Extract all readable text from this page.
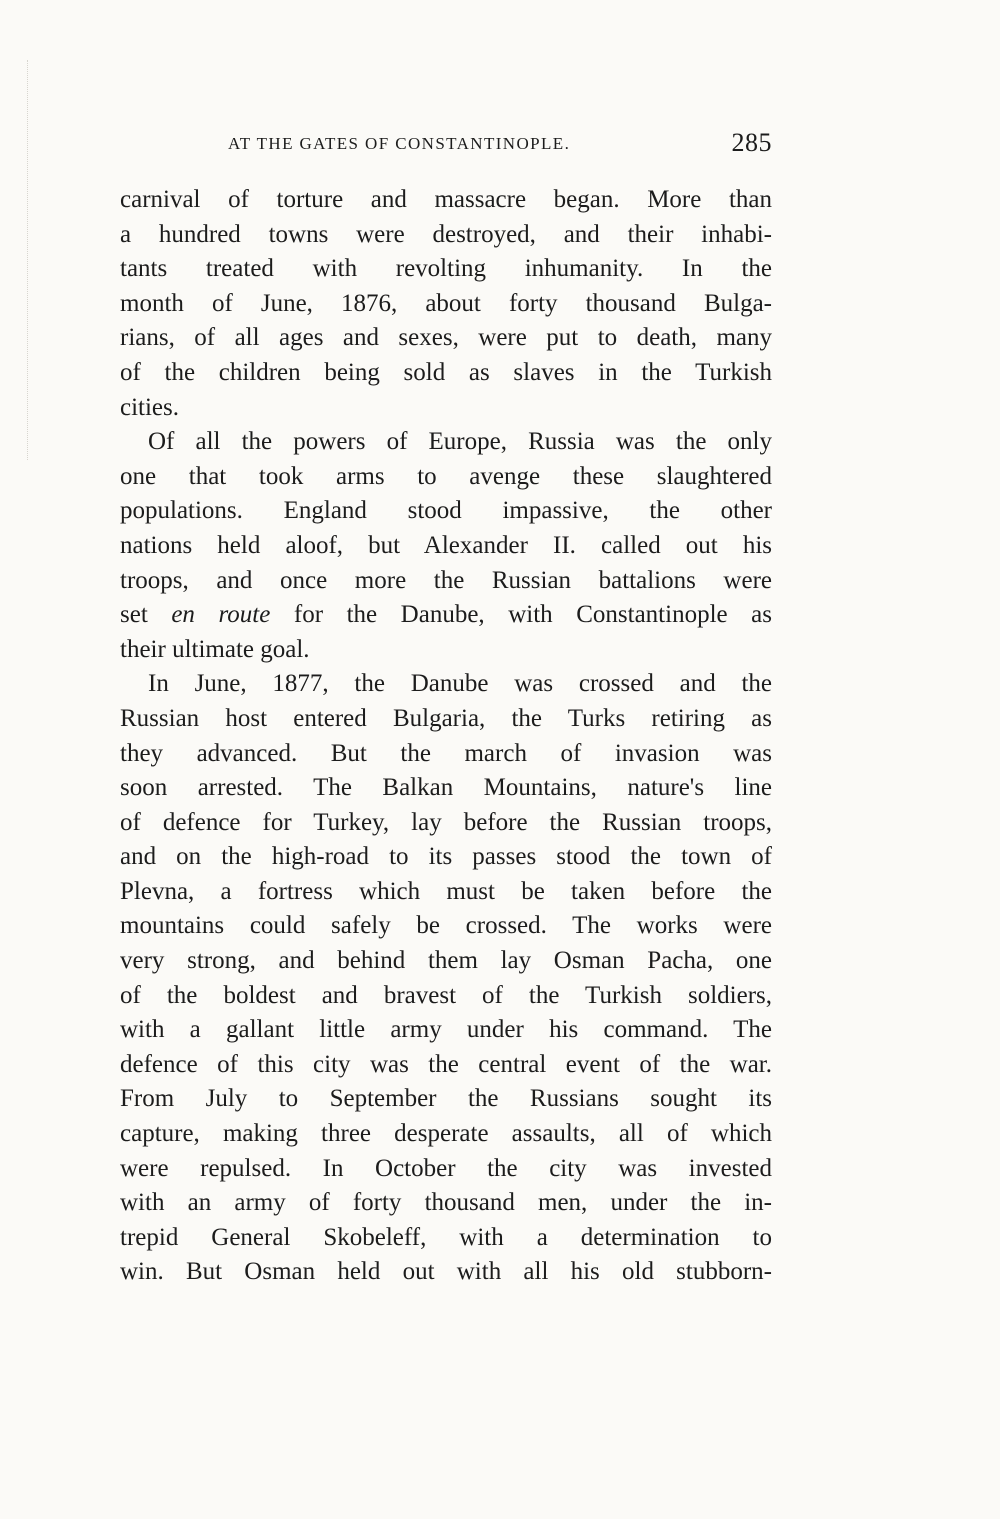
AT THE GATES OF CONSTANTINOPLE.	285
carnival of torture and massacre began. More than
a hundred towns were destroyed, and their inhabi-
tants treated with revolting inhumanity. In the
month of June, 1876, about forty thousand Bulga-
rians, of all ages and sexes, were put to death, many
of the children being sold as slaves in the Turkish
cities.
Of all the powers of Europe, Russia was the only
one that took arms to avenge these slaughtered
populations. England stood impassive, the other
nations held aloof, but Alexander II. called out his
troops, and once more the Russian battalions were
set en route for the Danube, with Constantinople as
their ultimate goal.
In June, 1877, the Danube was crossed and the
Russian host entered Bulgaria, the Turks retiring as
they advanced. But the march of invasion was
soon arrested. The Balkan Mountains, nature's line
of defence for Turkey, lay before the Russian troops,
and on the high-road to its passes stood the town of
Plevna, a fortress which must be taken before the
mountains could safely be crossed. The works were
very strong, and behind them lay Osman Pacha, one
of the boldest and bravest of the Turkish soldiers,
with a gallant little army under his command. The
defence of this city was the central event of the war.
From July to September the Russians sought its
capture, making three desperate assaults, all of which
were repulsed. In October the city was invested
with an army of forty thousand men, under the in-
trepid General Skobeleff, with a determination to
win. But Osman held out with all his old stubborn-
